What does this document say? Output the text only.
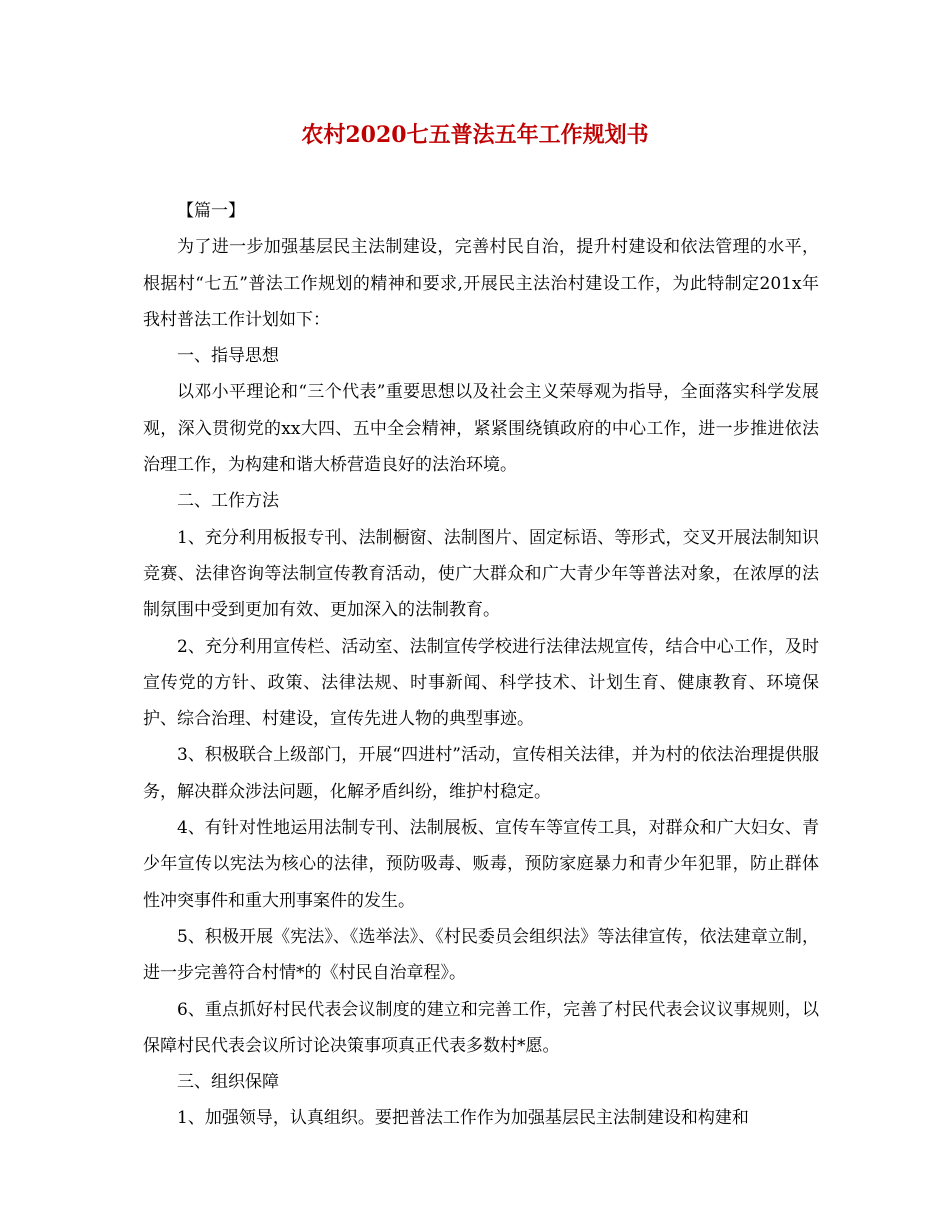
农村2020七五普法五年工作规划书

【篇一】

为了进一步加强基层民主法制建设，完善村民自治，提升村建设和依法管理的水平，根据村“七五”普法工作规划的精神和要求,开展民主法治村建设工作，为此特制定201x年我村普法工作计划如下：

一、指导思想

以邓小平理论和“三个代表”重要思想以及社会主义荣辱观为指导，全面落实科学发展观，深入贯彻党的xx大四、五中全会精神，紧紧围绕镇政府的中心工作，进一步推进依法治理工作，为构建和谐大桥营造良好的法治环境。

二、工作方法

1、充分利用板报专刊、法制橱窗、法制图片、固定标语、等形式，交叉开展法制知识竞赛、法律咨询等法制宣传教育活动，使广大群众和广大青少年等普法对象，在浓厚的法制氛围中受到更加有效、更加深入的法制教育。

2、充分利用宣传栏、活动室、法制宣传学校进行法律法规宣传，结合中心工作，及时宣传党的方针、政策、法律法规、时事新闻、科学技术、计划生育、健康教育、环境保护、综合治理、村建设，宣传先进人物的典型事迹。

3、积极联合上级部门，开展“四进村”活动，宣传相关法律，并为村的依法治理提供服务，解决群众涉法问题，化解矛盾纠纷，维护村稳定。

4、有针对性地运用法制专刊、法制展板、宣传车等宣传工具，对群众和广大妇女、青少年宣传以宪法为核心的法律，预防吸毒、贩毒，预防家庭暴力和青少年犯罪，防止群体性冲突事件和重大刑事案件的发生。

5、积极开展《宪法》、《选举法》、《村民委员会组织法》等法律宣传，依法建章立制，进一步完善符合村情*的《村民自治章程》。

6、重点抓好村民代表会议制度的建立和完善工作，完善了村民代表会议议事规则，以保障村民代表会议所讨论决策事项真正代表多数村*愿。

三、组织保障

1、加强领导，认真组织。要把普法工作作为加强基层民主法制建设和构建和
